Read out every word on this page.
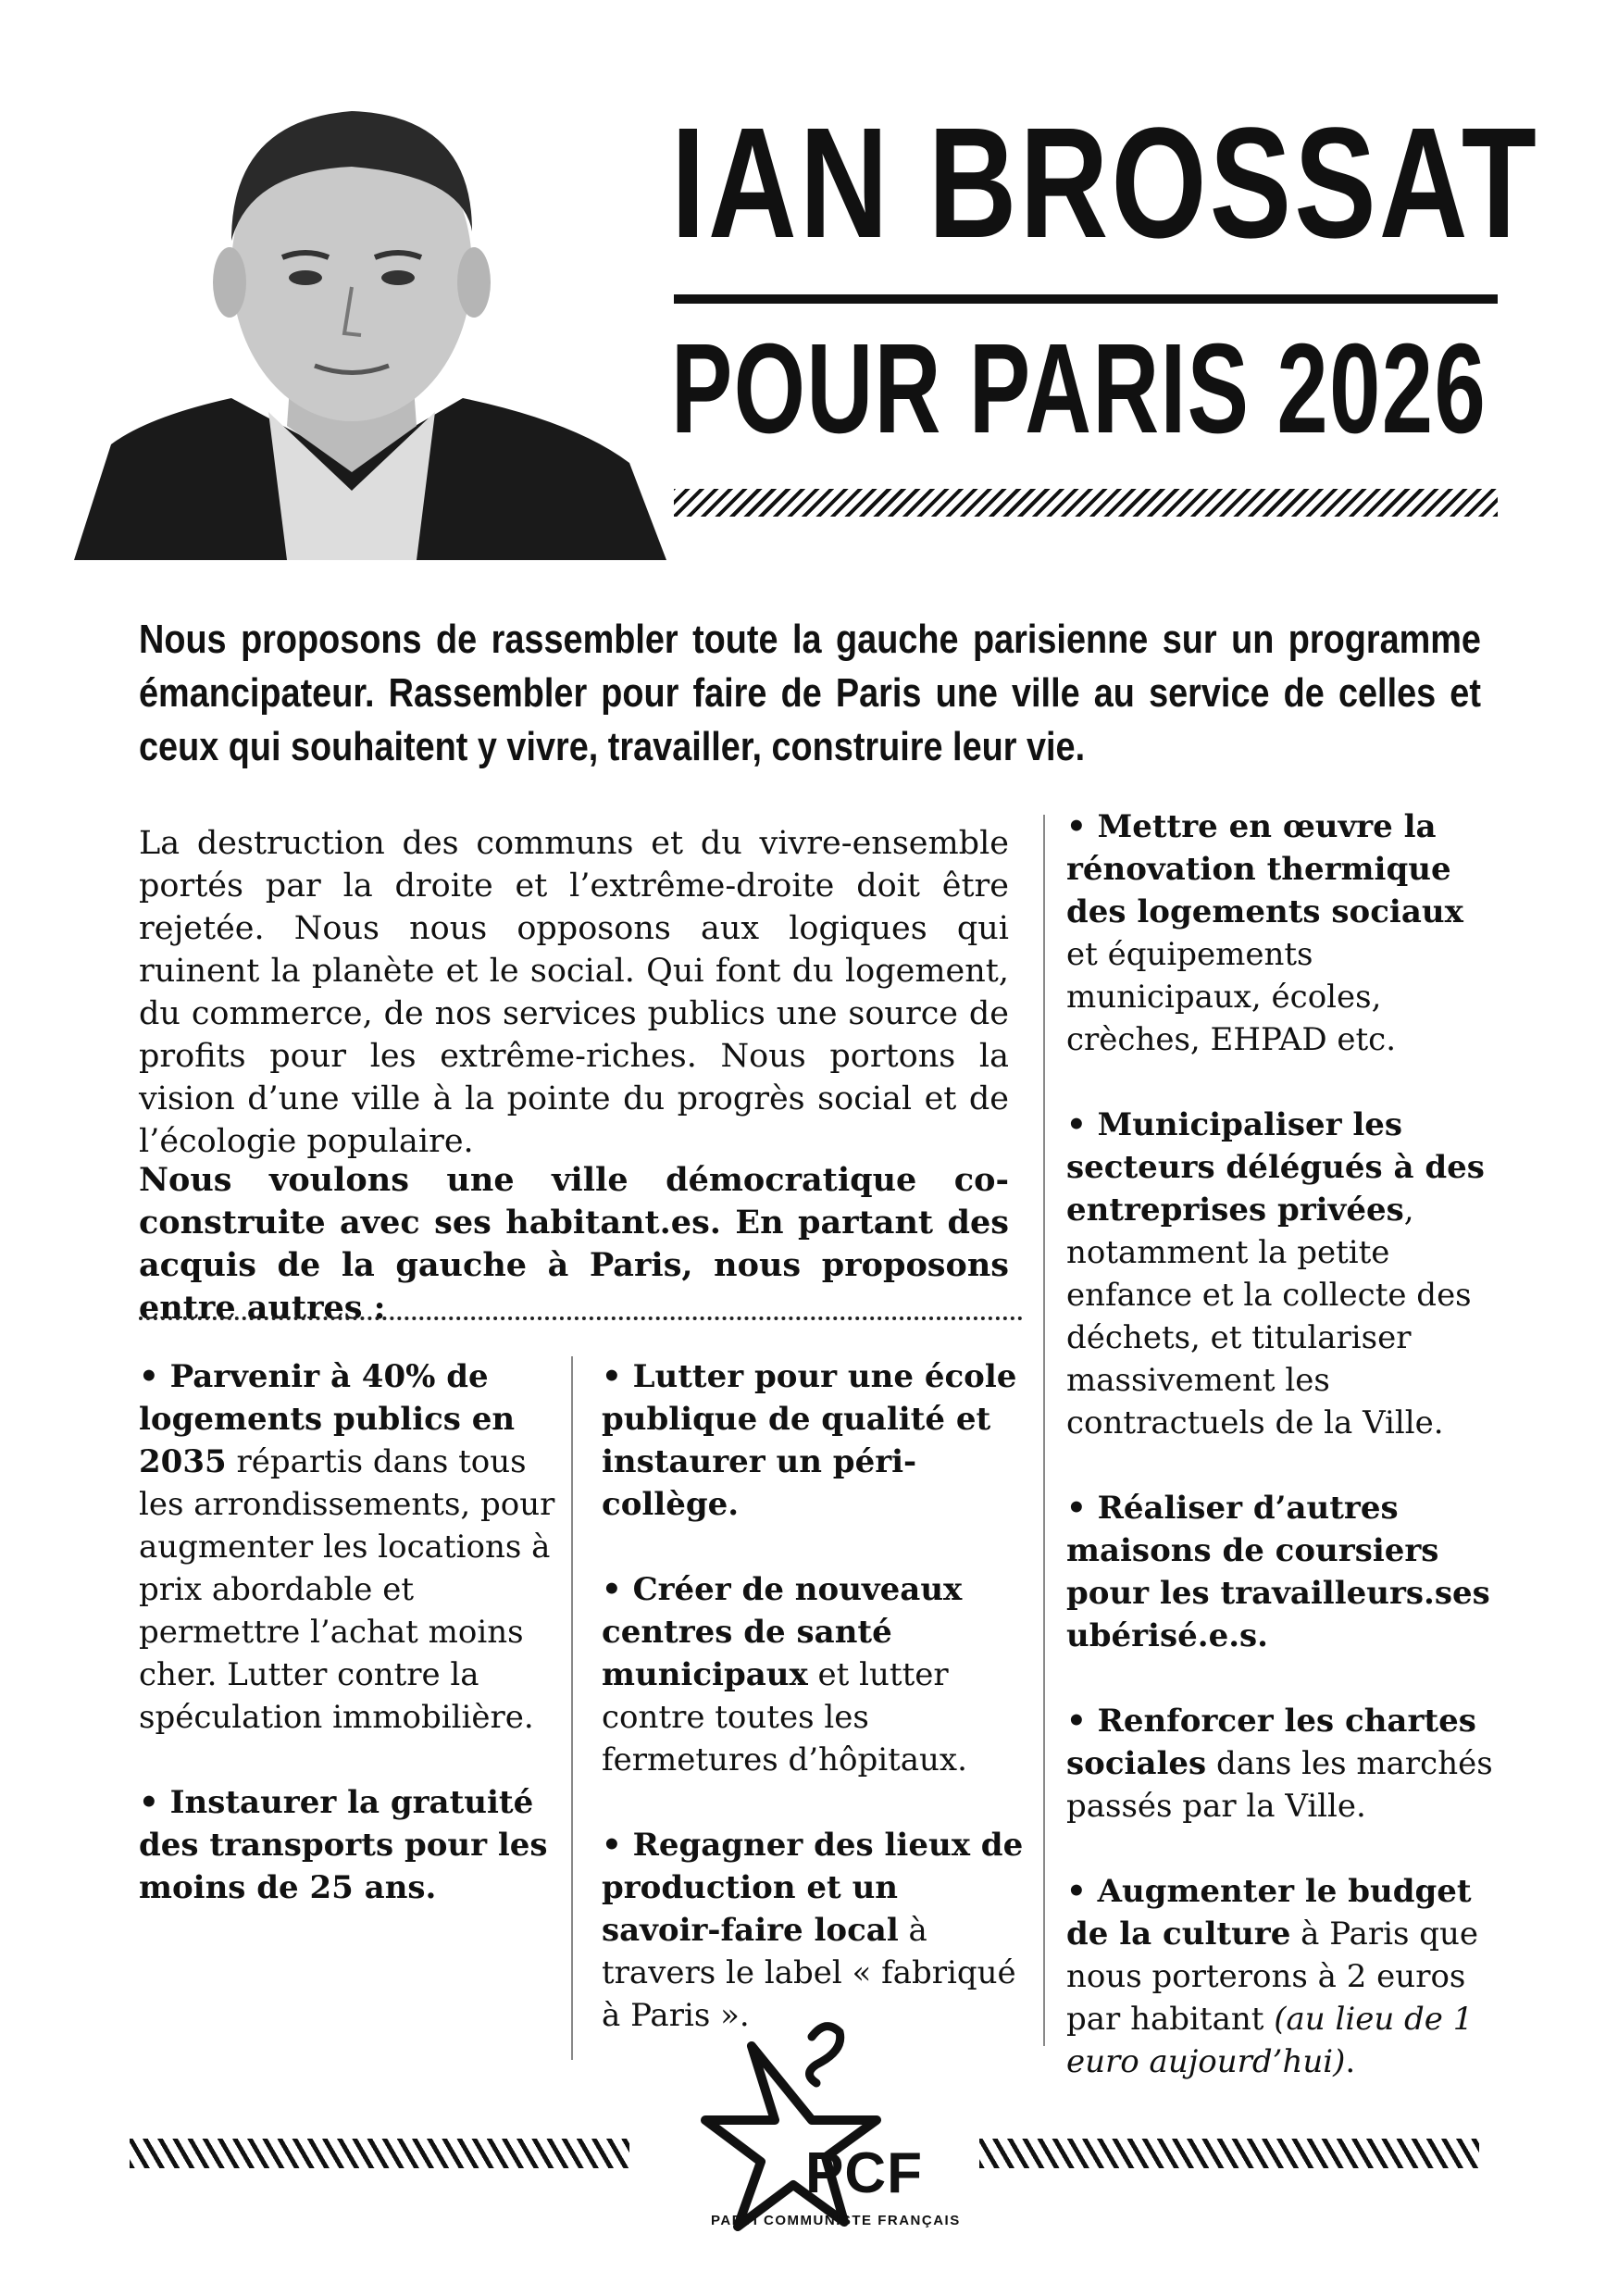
IAN BROSSAT
POUR PARIS 2026
Nous proposons de rassembler toute la gauche parisienne sur un programme émancipateur. Rassembler pour faire de Paris une ville au service de celles et ceux qui souhaitent y vivre, travailler, construire leur vie.
La destruction des communs et du vivre-ensemble portés par la droite et l’extrême-droite doit être rejetée. Nous nous opposons aux logiques qui ruinent la planète et le social. Qui font du logement, du commerce, de nos services publics une source de profits pour les extrême-riches. Nous portons la vision d’une ville à la pointe du progrès social et de l’écologie populaire.
Nous voulons une ville démocratique co-construite avec ses habitant.es. En partant des acquis de la gauche à Paris, nous proposons entre autres :

• Parvenir à 40% de logements publics en 2035 répartis dans tous les arrondissements, pour augmenter les locations à prix abordable et permettre l’achat moins cher. Lutter contre la spéculation immobilière.

• Instaurer la gratuité des transports pour les moins de 25 ans.

• Lutter pour une école publique de qualité et instaurer un péri-collège.

• Créer de nouveaux centres de santé municipaux et lutter contre toutes les fermetures d’hôpitaux.

• Regagner des lieux de production et un savoir-faire local à travers le label « fabriqué à Paris ».

• Mettre en œuvre la rénovation thermique des logements sociaux et équipements municipaux, écoles, crèches, EHPAD etc.

• Municipaliser les secteurs délégués à des entreprises privées, notamment la petite enfance et la collecte des déchets, et titulariser massivement les contractuels de la Ville.

• Réaliser d’autres maisons de coursiers pour les travailleurs.ses ubérisé.e.s.

• Renforcer les chartes sociales dans les marchés passés par la Ville.

• Augmenter le budget de la culture à Paris que nous porterons à 2 euros par habitant (au lieu de 1 euro aujourd’hui).

PCF
PARTI COMMUNISTE FRANÇAIS
